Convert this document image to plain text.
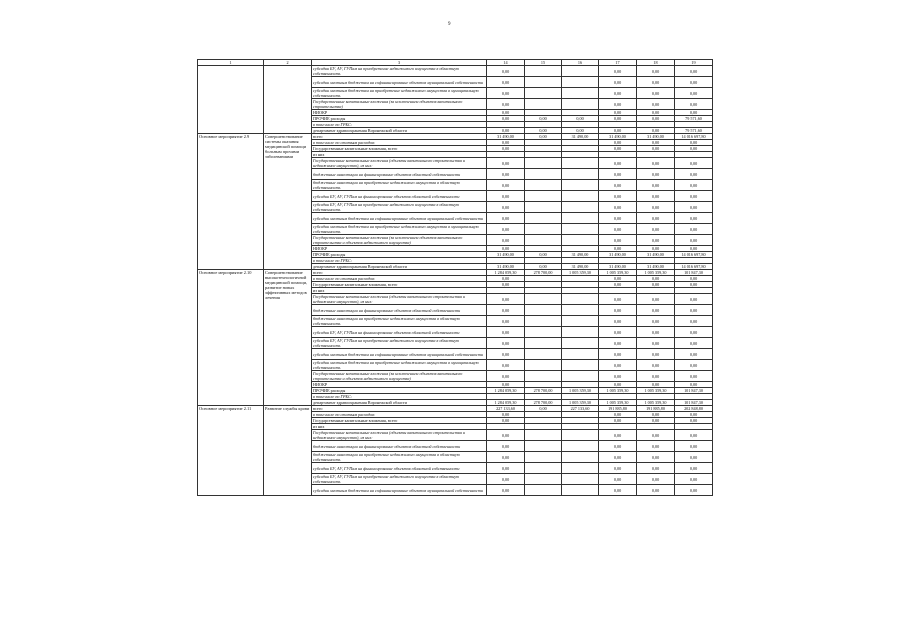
9
1	2	3	14	15	16	17	18	19
		субсидии БУ, АУ, ГУПам на приобретение недвижимого имущества в областную собственность	0,00			0,00	0,00	0,00
		субсидии местным бюджетам на софинансирование объектов муниципальной собственности	0,00			0,00	0,00	0,00
		субсидии местным бюджетам на приобретение недвижимого имущества в муниципальную собственность	0,00			0,00	0,00	0,00
		Государственные капитальные вложения (за исключением объектов капитального строительства)	0,00			0,00	0,00	0,00
		НИОКР	0,00			0,00	0,00	0,00
		ПРОЧИЕ расходы	0,00	0,00	0,00	0,00	0,00	79 571,60
		в том числе по ГРБС:						
		департамент здравоохранения Воронежской области	0,00	0,00	0,00	0,00	0,00	79 571,60
Основное мероприятие 2.9	Совершенствование системы оказания медицинской помощи больным прочими заболеваниями	всего	31 490,00	0,00	31 490,00	31 490,00	31 490,00	14 016 697,80
		в том числе по статьям расходов:	0,00			0,00	0,00	0,00
		Государственные капитальные вложения, всего	0,00			0,00	0,00	0,00
		из них						
		Государственные капитальные вложения (объекты капитального строительства и недвижимое имущество), из них:	0,00			0,00	0,00	0,00
		бюджетные инвестиции на финансирование объектов областной собственности	0,00			0,00	0,00	0,00
		бюджетные инвестиции на приобретение недвижимого имущества в областную собственность	0,00			0,00	0,00	0,00
		субсидии БУ, АУ, ГУПам на финансирование объектов областной собственности	0,00			0,00	0,00	0,00
		субсидии БУ, АУ, ГУПам на приобретение недвижимого имущества в областную собственность	0,00			0,00	0,00	0,00
		субсидии местным бюджетам на софинансирование объектов муниципальной собственности	0,00			0,00	0,00	0,00
		субсидии местным бюджетам на приобретение недвижимого имущества в муниципальную собственность	0,00			0,00	0,00	0,00
		Государственные капитальные вложения (за исключением объектов капитального строительства и объектов недвижимого имущества)	0,00			0,00	0,00	0,00
		НИОКР	0,00			0,00	0,00	0,00
		ПРОЧИЕ расходы	31 490,00	0,00	31 490,00	31 490,00	31 490,00	14 016 697,80
		в том числе по ГРБС:						
		департамент здравоохранения Воронежской области	31 490,00	0,00	31 490,00	31 490,00	31 490,00	14 016 697,80
Основное мероприятие 2.10	Совершенствование высокотехнологичной медицинской помощи, развитие новых эффективных методов лечения	всего	1 284 059,30	278 700,00	1 005 359,30	1 005 359,30	1 005 359,30	101 847,30
		в том числе по статьям расходов:	0,00			0,00	0,00	0,00
		Государственные капитальные вложения, всего	0,00			0,00	0,00	0,00
		из них						
		Государственные капитальные вложения (объекты капитального строительства и недвижимое имущество), из них:	0,00			0,00	0,00	0,00
		бюджетные инвестиции на финансирование объектов областной собственности	0,00			0,00	0,00	0,00
		бюджетные инвестиции на приобретение недвижимого имущества в областную собственность	0,00			0,00	0,00	0,00
		субсидии БУ, АУ, ГУПам на финансирование объектов областной собственности	0,00			0,00	0,00	0,00
		субсидии БУ, АУ, ГУПам на приобретение недвижимого имущества в областную собственность	0,00			0,00	0,00	0,00
		субсидии местным бюджетам на софинансирование объектов муниципальной собственности	0,00			0,00	0,00	0,00
		субсидии местным бюджетам на приобретение недвижимого имущества в муниципальную собственность	0,00			0,00	0,00	0,00
		Государственные капитальные вложения (за исключением объектов капитального строительства и объектов недвижимого имущества)	0,00			0,00	0,00	0,00
		НИОКР	0,00			0,00	0,00	0,00
		ПРОЧИЕ расходы	1 284 059,30	278 700,00	1 005 359,30	1 005 359,30	1 005 359,30	101 847,30
		в том числе по ГРБС:						
		департамент здравоохранения Воронежской области	1 284 059,30	278 700,00	1 005 359,30	1 005 359,30	1 005 359,30	101 847,30
Основное мероприятие 2.11	Развитие службы крови	всего	227 133,60	0,00	227 133,60	191 885,80	191 885,80	202 848,80
		в том числе по статьям расходов:	0,00			0,00	0,00	0,00
		Государственные капитальные вложения, всего	0,00			0,00	0,00	0,00
		из них						
		Государственные капитальные вложения (объекты капитального строительства и недвижимое имущество), из них:	0,00			0,00	0,00	0,00
		бюджетные инвестиции на финансирование объектов областной собственности	0,00			0,00	0,00	0,00
		бюджетные инвестиции на приобретение недвижимого имущества в областную собственность	0,00			0,00	0,00	0,00
		субсидии БУ, АУ, ГУПам на финансирование объектов областной собственности	0,00			0,00	0,00	0,00
		субсидии БУ, АУ, ГУПам на приобретение недвижимого имущества в областную собственность	0,00			0,00	0,00	0,00
		субсидии местным бюджетам на софинансирование объектов муниципальной собственности	0,00			0,00	0,00	0,00
